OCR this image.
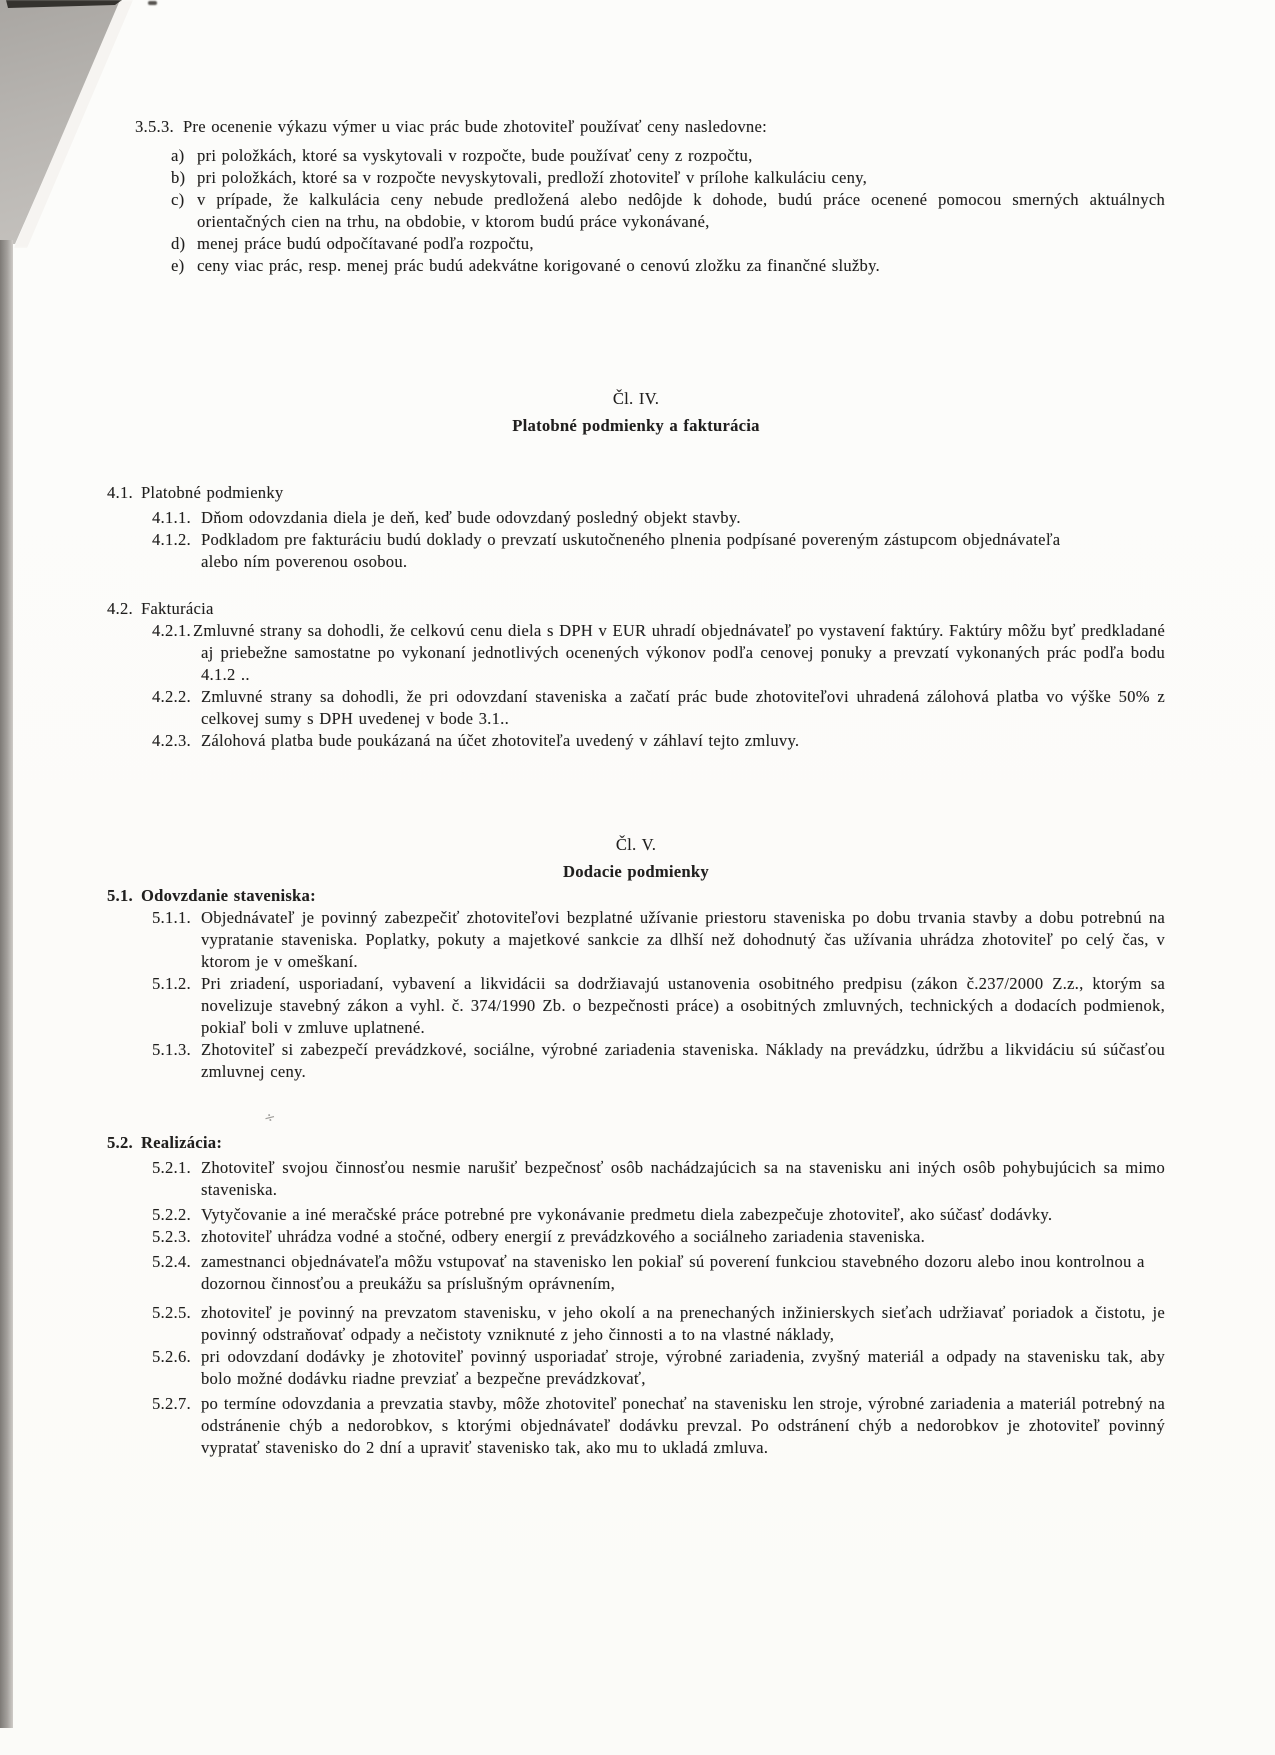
÷
3.5.3. Pre ocenenie výkazu výmer u viac prác bude zhotoviteľ používať ceny nasledovne:
a) pri položkách, ktoré sa vyskytovali v rozpočte, bude používať ceny z rozpočtu,
b) pri položkách, ktoré sa v rozpočte nevyskytovali, predloží zhotoviteľ v prílohe kalkuláciu ceny,
c) v prípade, že kalkulácia ceny nebude predložená alebo nedôjde k dohode, budú práce ocenené pomocou smerných aktuálnych orientačných cien na trhu, na obdobie, v ktorom budú práce vykonávané,
d) menej práce budú odpočítavané podľa rozpočtu,
e) ceny viac prác, resp. menej prác budú adekvátne korigované o cenovú zložku za finančné služby.
Čl. IV.
Platobné podmienky a fakturácia
4.1. Platobné podmienky
4.1.1. Dňom odovzdania diela je deň, keď bude odovzdaný posledný objekt stavby.
4.1.2. Podkladom pre fakturáciu budú doklady o prevzatí uskutočneného plnenia podpísané povereným zástupcom objednávateľa alebo ním poverenou osobou.
4.2. Fakturácia
4.2.1. Zmluvné strany sa dohodli, že celkovú cenu diela s DPH v EUR uhradí objednávateľ po vystavení faktúry. Faktúry môžu byť predkladané aj priebežne samostatne po vykonaní jednotlivých ocenených výkonov podľa cenovej ponuky a prevzatí vykonaných prác podľa bodu 4.1.2 ..
4.2.2. Zmluvné strany sa dohodli, že pri odovzdaní staveniska a začatí prác bude zhotoviteľovi uhradená zálohová platba vo výške 50% z celkovej sumy s DPH uvedenej v bode 3.1..
4.2.3. Zálohová platba bude poukázaná na účet zhotoviteľa uvedený v záhlaví tejto zmluvy.
Čl. V.
Dodacie podmienky
5.1. Odovzdanie staveniska:
5.1.1. Objednávateľ je povinný zabezpečiť zhotoviteľovi bezplatné užívanie priestoru staveniska po dobu trvania stavby a dobu potrebnú na vypratanie staveniska. Poplatky, pokuty a majetkové sankcie za dlhší než dohodnutý čas užívania uhrádza zhotoviteľ po celý čas, v ktorom je v omeškaní.
5.1.2. Pri zriadení, usporiadaní, vybavení a likvidácii sa dodržiavajú ustanovenia osobitného predpisu (zákon č.237/2000 Z.z., ktorým sa novelizuje stavebný zákon a vyhl. č. 374/1990 Zb. o bezpečnosti práce) a osobitných zmluvných, technických a dodacích podmienok, pokiaľ boli v zmluve uplatnené.
5.1.3. Zhotoviteľ si zabezpečí prevádzkové, sociálne, výrobné zariadenia staveniska. Náklady na prevádzku, údržbu a likvidáciu sú súčasťou zmluvnej ceny.
5.2. Realizácia:
5.2.1. Zhotoviteľ svojou činnosťou nesmie narušiť bezpečnosť osôb nachádzajúcich sa na stavenisku ani iných osôb pohybujúcich sa mimo staveniska.
5.2.2. Vytyčovanie a iné meračské práce potrebné pre vykonávanie predmetu diela zabezpečuje zhotoviteľ, ako súčasť dodávky.
5.2.3. zhotoviteľ uhrádza vodné a stočné, odbery energií z prevádzkového a sociálneho zariadenia staveniska.
5.2.4. zamestnanci objednávateľa môžu vstupovať na stavenisko len pokiaľ sú poverení funkciou stavebného dozoru alebo inou kontrolnou a dozornou činnosťou a preukážu sa príslušným oprávnením,
5.2.5. zhotoviteľ je povinný na prevzatom stavenisku, v jeho okolí a na prenechaných inžinierskych sieťach udržiavať poriadok a čistotu, je povinný odstraňovať odpady a nečistoty vzniknuté z jeho činnosti a to na vlastné náklady,
5.2.6. pri odovzdaní dodávky je zhotoviteľ povinný usporiadať stroje, výrobné zariadenia, zvyšný materiál a odpady na stavenisku tak, aby bolo možné dodávku riadne prevziať a bezpečne prevádzkovať,
5.2.7. po termíne odovzdania a prevzatia stavby, môže zhotoviteľ ponechať na stavenisku len stroje, výrobné zariadenia a materiál potrebný na odstránenie chýb a nedorobkov, s ktorými objednávateľ dodávku prevzal. Po odstránení chýb a nedorobkov je zhotoviteľ povinný vypratať stavenisko do 2 dní a upraviť stavenisko tak, ako mu to ukladá zmluva.
